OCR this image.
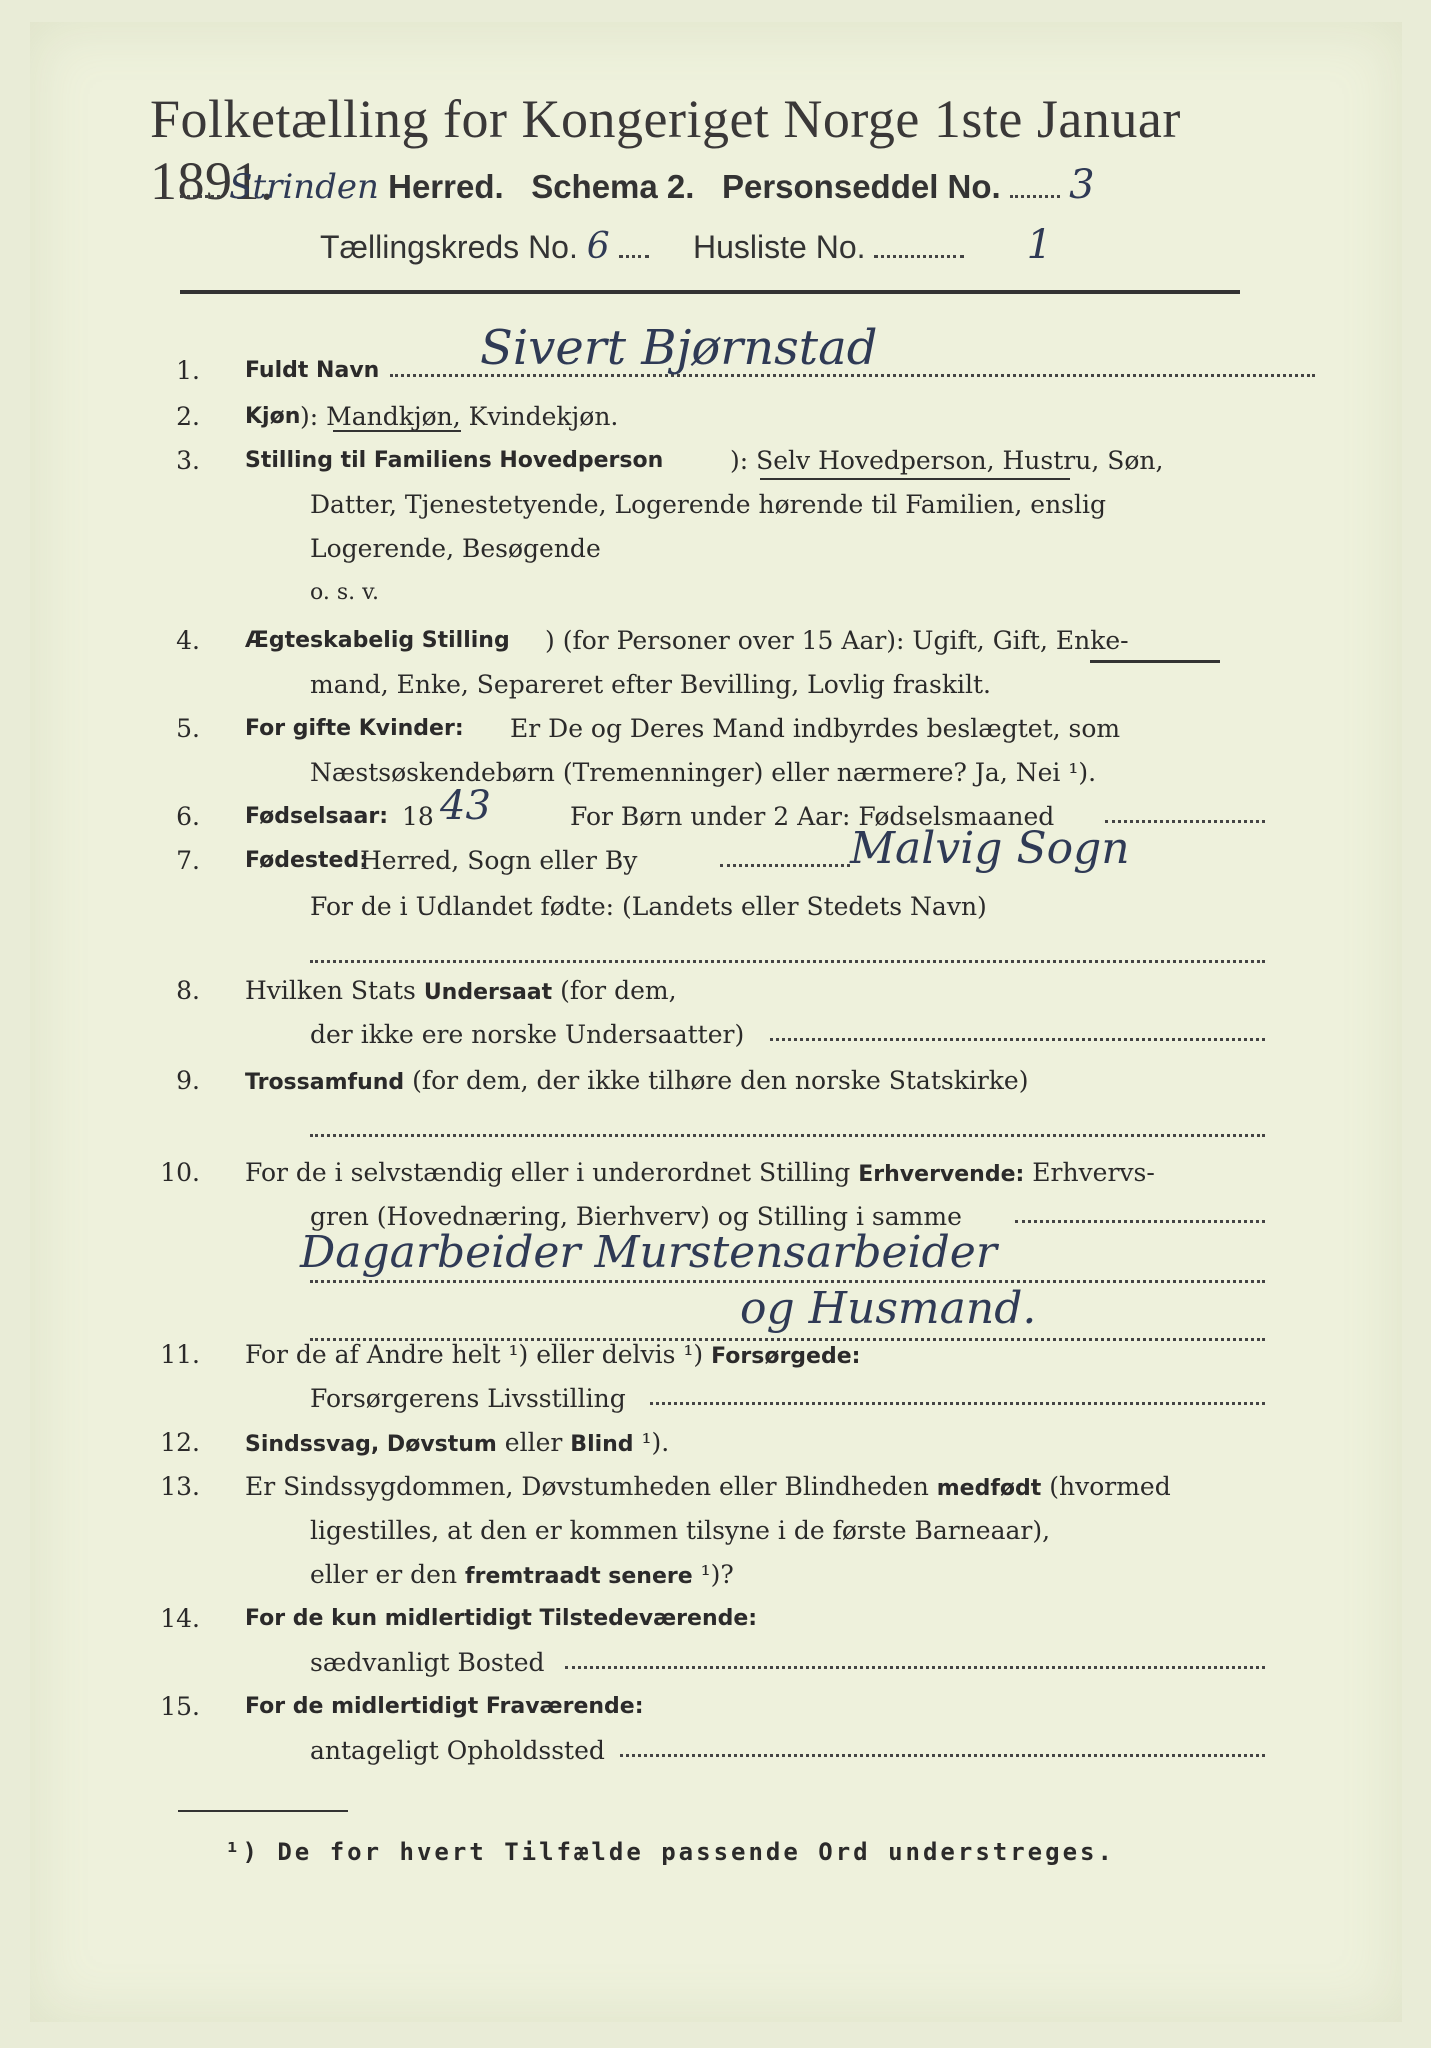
Folketælling for Kongeriget Norge 1ste Januar 1891.
Strinden Herred. Schema 2. Personseddel No. 3
Tællingskreds No. 6	Husliste No.	1
1. Fuldt Navn Sivert Bjørnstad
2. Kjøn ): Mandkjøn, Kvindekjøn.
3. Stilling til Familiens Hovedperson	): Selv Hovedperson, Hustru, Søn,
Datter, Tjenestetyende, Logerende hørende til Familien, enslig
Logerende, Besøgende
o. s. v.
4. Ægteskabelig Stilling ) (for Personer over 15 Aar): Ugift, Gift, Enke-
mand, Enke, Separeret efter Bevilling, Lovlig fraskilt.
5. For gifte Kvinder: Er De og Deres Mand indbyrdes beslægtet, som
Næstsøskendebørn (Tremenninger) eller nærmere? Ja, Nei ¹).
6. Fødselsaar: 18 43	For Børn under 2 Aar: Fødselsmaaned
7. Fødested:
Herred, Sogn eller By	Malvig Sogn
For de i Udlandet fødte: (Landets eller Stedets Navn)
8. Hvilken Stats Undersaat (for dem,
der ikke ere norske Undersaatter)
9. Trossamfund (for dem, der ikke tilhøre den norske Statskirke)
10. For de i selvstændig eller i underordnet Stilling Erhvervende: Erhvervs-
gren (Hovednæring, Bierhverv) og Stilling i samme
Dagarbeider Murstensarbeider
og Husmand.
11. For de af Andre helt ¹) eller delvis ¹) Forsørgede:
Forsørgerens Livsstilling
12. Sindssvag, Døvstum eller Blind ¹).
13. Er Sindssygdommen, Døvstumheden eller Blindheden medfødt (hvormed
ligestilles, at den er kommen tilsyne i de første Barneaar),
eller er den fremtraadt senere ¹)?
14. For de kun midlertidigt Tilstedeværende:
sædvanligt Bosted
15. For de midlertidigt Fraværende:
antageligt Opholdssted
¹) De for hvert Tilfælde passende Ord understreges.
